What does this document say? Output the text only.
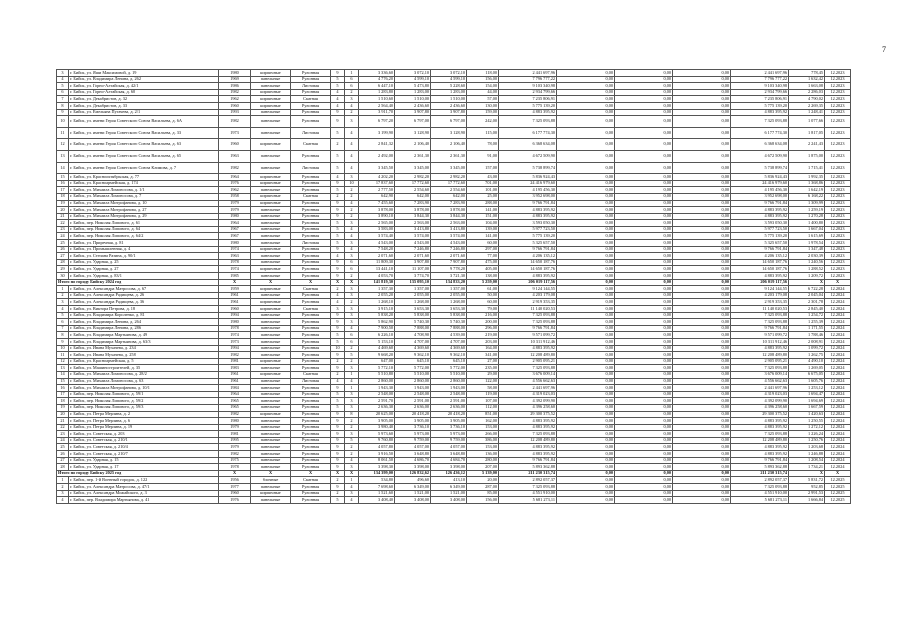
7
3	г. Бийск, ул. Яши Максимовой, д. 19	1980	кирпичные	Рулонная	9	1	3 336,60	3 072,10	3 072,10	118,00	2 441 697,96	0,00	0,00	0,00	2 441 697,96	778,45	12.2023
4	г. Бийск, ул. Владимира Ленина, д. 262	1969	панельные	Рулонная	5	6	4 776,20	4 599,10	4 599,10	156,00	7 796 777,22	0,00	0,00	0,00	7 796 777,22	1 632,42	12.2023
5	г. Бийск, ул. Горно-Алтайская, д. 42/1	1986	панельные	Листовая	5	6	6 447,10	5 473,80	5 228,60	154,00	9 103 340,98	0,00	0,00	0,00	9 103 340,98	1 663,08	12.2023
6	г. Бийск, ул. Горно-Алтайская, д. 60	1982	кирпичные	Рулонная	4	2	1 283,80	1 283,00	1 283,00	44,00	2 934 799,66	0,00	0,00	0,00	2 934 799,66	2 286,03	12.2023
7	г. Бийск, ул. Декабристов, д. 32	1962	кирпичные	Скатная	4	3	1 510,60	1 510,00	1 510,00	57,00	7 235 806,91	0,00	0,00	0,00	7 235 806,91	4 790,02	12.2023
8	г. Бийск, ул. Декабристов, д. 33	1960	кирпичные	Рулонная	4	4	2 564,40	2 436,60	2 436,60	130,00	5 775 139,20	0,00	0,00	0,00	5 775 139,20	2 269,35	12.2023
9	г. Бийск, ул. Емельяна Пугачева, д. 2/1	1993	панельные	Рулонная	9	2	3 911,70	3 907,80	3 907,80	159,00	4 883 395,92	0,00	0,00	0,00	4 883 395,92	1 248,41	12.2023
10	г. Бийск, ул. имени Героя Советского Союза Васильева, д. 6А	1982	панельные	Рулонная	9	3	6 797,20	6 797,00	6 797,00	242,00	7 325 093,88	0,00	0,00	0,00	7 325 093,88	1 077,66	12.2023
11	г. Бийск, ул. имени Героя Советского Союза Васильева, д. 33	1973	панельные	Листовая	5	4	3 199,90	3 128,90	3 128,90	115,00	6 177 774,30	0,00	0,00	0,00	6 177 774,30	1 817,05	12.2023
12	г. Бийск, ул. имени Героя Советского Союза Васильева, д. 63	1960	кирпичные	Скатная	2	4	2 841,32	2 106,40	2 106,40	78,00	6 368 634,08	0,00	0,00	0,00	6 368 634,08	2 241,43	12.2023
13	г. Бийск, ул. имени Героя Советского Союза Васильева, д. 65	1963	панельные	Рулонная	5	4	2 492,00	2 361,30	2 361,30	91,00	4 672 509,90	0,00	0,00	0,00	4 672 509,90	1 875,00	12.2023
14	г. Бийск, ул. имени Героя Советского Союза Климова, д. 7	1982	панельные	Листовая	5	4	3 345,50	3 345,00	3 345,00	157,00	5 738 899,74	0,00	0,00	0,00	5 738 899,74	1 715,41	12.2023
15	г. Бийск, ул. Краснооктябрьская, д. 77	1964	кирпичные	Рулонная	4	3	4 202,20	2 982,20	2 982,20	43,00	5 836 924,43	0,00	0,00	0,00	5 836 924,43	1 992,35	12.2023
16	г. Бийск, ул. Красноармейская, д. 174	1976	кирпичные	Рулонная	9	10	17 837,60	17 772,60	17 772,60	701,00	24 416 979,60	0,00	0,00	0,00	24 416 979,60	1 368,86	12.2023
17	г. Бийск, ул. Михаила Ломоносова, д. 1/1	1962	панельные	Рулонная	5	2	2 777,50	2 554,60	2 554,60	101,00	4 195 456,30	0,00	0,00	0,00	4 195 456,30	1 642,19	12.2023
18	г. Бийск, ул. Михаила Ломоносова, д. 7	1958	кирпичные	Скатная	2	2	642,90	642,00	642,00	25,00	3 952 698,00	0,00	0,00	0,00	3 952 698,00	6 168,22	12.2023
19	г. Бийск, ул. Михаила Митрофанова, д. 10	1979	кирпичные	Рулонная	9	4	7 455,60	7 283,90	7 283,90	288,00	9 766 791,84	0,00	0,00	0,00	9 766 791,84	1 309,99	12.2023
20	г. Бийск, ул. Михаила Митрофанова, д. 27	1979	панельные	Рулонная	9	2	3 878,00	3 878,00	3 878,00	141,00	4 883 395,92	0,00	0,00	0,00	4 883 395,92	1 259,19	12.2023
21	г. Бийск, ул. Михаила Митрофанова, д. 29	1980	панельные	Рулонная	9	2	3 890,10	3 844,30	3 844,30	151,00	4 883 395,92	0,00	0,00	0,00	4 883 395,92	1 270,28	12.2023
22	г. Бийск, пер. Николая Липового, д. 61	1964	панельные	Рулонная	5	3	2 565,00	2 563,00	2 563,00	104,00	3 593 050,30	0,00	0,00	0,00	3 593 050,30	1 400,80	12.2023
23	г. Бийск, пер. Николая Липового, д. 64	1967	панельные	Рулонная	5	4	3 583,00	3 413,80	3 413,80	139,00	5 977 723,50	0,00	0,00	0,00	5 977 723,50	1 667,04	12.2023
24	г. Бийск, пер. Николая Липового, д. 64/2	1967	панельные	Рулонная	5	4	3 574,40	3 574,00	3 574,00	141,00	5 775 139,20	0,00	0,00	0,00	5 775 139,20	1 615,69	12.2023
25	г. Бийск, ул. Приречная, д. 81	1980	панельные	Листовая	5	3	4 543,00	4 543,00	4 543,00	60,00	5 325 657,50	0,00	0,00	0,00	5 325 657,50	1 978,54	12.2023
26	г. Бийск, ул. Промышленная, д. 4	1974	кирпичные	Рулонная	9	4	7 548,20	7 246,80	7 246,80	297,00	9 766 791,84	0,00	0,00	0,00	9 766 791,84	1 347,48	12.2023
27	г. Бийск, ул. Степана Разина, д. 90/1	1963	панельные	Рулонная	4	3	2 071,60	2 071,60	2 071,60	77,00	4 206 135,12	0,00	0,00	0,00	4 206 135,12	2 030,39	12.2023
28	г. Бийск, ул. Ударная, д. 25	1978	панельные	Рулонная	9	6	11 809,30	3 907,80	7 907,80	475,00	14 650 187,76	0,00	0,00	0,00	14 650 187,76	1 240,56	12.2023
29	г. Бийск, ул. Ударная, д. 27	1974	кирпичные	Рулонная	9	6	13 441,10	11 107,00	9 778,20	405,00	14 650 187,76	0,00	0,00	0,00	14 650 187,76	1 288,52	12.2023
30	г. Бийск, ул. Ударная, д. 83/1	1985	панельные	Рулонная	9	2	4 053,70	3 774,70	3 721,30	138,00	4 883 395,92	0,00	0,00	0,00	4 883 395,92	1 209,72	12.2023
Итого по городу Бийску 2024 год		X	X	X	X	X	141 819,30	135 095,10	134 833,20	5 259,00	206 019 117,56	0,00	0,00	0,00	206 019 117,56	X	X
1	г. Бийск, ул. Александра Матросова, д. 67	1959	кирпичные	Скатная	2	3	1 357,30	1 357,00	1 357,00	61,00	9 124 144,55	0,00	0,00	0,00	9 124 144,55	6 722,28	12.2024
2	г. Бийск, ул. Александра Радищева, д. 26	1961	панельные	Рулонная	4	3	2 055,20	2 055,00	2 055,00	50,00	4 203 179,08	0,00	0,00	0,00	4 203 179,08	2 045,04	12.2024
3	г. Бийск, ул. Александра Радищева, д. 36	1961	кирпичные	Рулонная	4	2	1 268,10	1 268,00	1 268,00	60,00	2 919 353,35	0,00	0,00	0,00	2 919 353,35	2 301,78	12.2024
4	г. Бийск, ул. Виктора Петрова, д. 18	1960	кирпичные	Скатная	3	3	3 915,10	3 653,30	3 653,30	79,00	11 140 020,53	0,00	0,00	0,00	11 140 020,53	2 845,40	12.2024
5	г. Бийск, ул. Владимира Короленко, д. 81	1994	панельные	Рулонная	9	3	5 838,20	5 838,00	5 838,00	216,00	7 325 093,88	0,00	0,00	0,00	7 325 093,88	1 254,72	12.2024
6	г. Бийск, ул. Владимира Ленина, д. 264	1980	панельные	Рулонная	9	3	5 862,90	5 740,30	5 740,30	200,00	7 325 093,88	0,00	0,00	0,00	7 325 093,88	1 255,39	12.2024
7	г. Бийск, ул. Владимира Ленина, д. 286	1978	панельные	Рулонная	9	4	7 900,50	7 888,00	7 888,00	296,00	9 766 791,84	0,00	0,00	0,00	9 766 791,84	1 171,55	12.2024
8	г. Бийск, ул. Владимира Мартьянова, д. 49	1974	панельные	Рулонная	5	6	6 226,10	4 708,90	4 539,00	219,00	9 571 099,72	0,00	0,00	0,00	9 571 099,72	1 788,46	12.2024
9	г. Бийск, ул. Владимира Мартьянова, д. 63/3	1973	панельные	Рулонная	5	6	5 153,10	4 707,00	4 707,00	203,00	10 311 912,46	0,00	0,00	0,00	10 311 912,46	2 008,91	12.2024
10	г. Бийск, ул. Ивана Мухачева, д. 234	1994	панельные	Рулонная	10	2	4 469,60	4 369,60	4 369,60	164,00	4 883 395,92	0,00	0,00	0,00	4 883 395,92	1 099,72	12.2024
11	г. Бийск, ул. Ивана Мухачева, д. 258	1982	панельные	Рулонная	9	5	9 668,20	9 362,10	9 362,10	341,00	12 208 489,80	0,00	0,00	0,00	12 208 489,80	1 262,75	12.2024
12	г. Бийск, ул. Красноармейская, д. 5	1981	кирпичные	Рулонная	2	2	647,00	645,10	645,10	27,00	2 905 095,21	0,00	0,00	0,00	2 905 095,21	4 490,10	12.2024
13	г. Бийск, ул. Машиностроителей, д. 35	1983	панельные	Рулонная	9	3	5 772,10	5 772,00	5 772,00	235,00	7 325 093,88	0,00	0,00	0,00	7 325 093,88	1 269,05	12.2024
14	г. Бийск, ул. Михаила Ломоносова, д. 28/2	1961	кирпичные	Скатная	2	1	5 510,80	5 510,00	5 510,00	29,00	3 676 009,14	0,00	0,00	0,00	3 676 009,14	6 675,05	12.2024
15	г. Бийск, ул. Михаила Ломоносова, д. 63	1961	панельные	Листовая	4	4	2 860,00	2 860,00	2 860,00	122,00	4 556 662,63	0,00	0,00	0,00	4 556 662,63	1 605,76	12.2024
16	г. Бийск, ул. Михаила Митрофанова, д. 10/1	1984	панельные	Рулонная	9	1	1 943,30	1 943,00	1 943,00	58,00	2 441 697,96	0,00	0,00	0,00	2 441 697,96	1 253,12	12.2024
17	г. Бийск, пер. Николая Липового, д. 59/1	1964	панельные	Рулонная	5	3	2 548,00	2 548,00	2 548,00	119,00	4 319 023,03	0,00	0,00	0,00	4 319 023,03	1 694,47	12.2024
18	г. Бийск, пер. Николая Липового, д. 59/2	1965	панельные	Рулонная	5	3	2 591,70	2 591,00	2 591,00	107,00	4 392 099,90	0,00	0,00	0,00	4 392 099,90	1 694,69	12.2024
19	г. Бийск, пер. Николая Липового, д. 59/3	1965	панельные	Рулонная	5	3	2 636,30	2 636,00	2 636,00	112,00	4 396 258,60	0,00	0,00	0,00	4 396 258,60	1 667,59	12.2024
20	г. Бийск, ул. Петра Мерлина, д. 2	1982	кирпичные	Рулонная	9	8	20 625,00	20 418,20	20 418,20	851,00	29 300 375,52	0,00	0,00	0,00	29 300 375,52	1 420,63	12.2024
21	г. Бийск, ул. Петра Мерлина, д. 6	1980	панельные	Рулонная	9	2	3 905,00	3 905,00	3 905,00	162,00	4 883 395,92	0,00	0,00	0,00	4 883 395,92	1 250,55	12.2024
22	г. Бийск, ул. Петра Мерлина, д. 19	1979	панельные	Рулонная	9	2	3 980,40	3 736,10	3 736,10	153,00	4 883 395,92	0,00	0,00	0,00	4 883 395,92	1 272,12	12.2024
23	г. Бийск, ул. Советская, д. 203	1981	панельные	Рулонная	9	3	5 973,60	5 973,00	5 973,00	266,00	7 325 093,88	0,00	0,00	0,00	7 325 093,88	1 226,24	12.2024
24	г. Бийск, ул. Советская, д. 210/1	1995	панельные	Рулонная	9	5	9 760,80	9 759,00	9 759,00	386,00	12 208 489,80	0,00	0,00	0,00	12 208 489,80	1 250,76	12.2024
25	г. Бийск, ул. Советская, д. 210/4	1979	панельные	Рулонная	9	2	4 057,80	4 057,00	4 057,00	153,00	4 883 395,92	0,00	0,00	0,00	4 883 395,92	1 203,68	12.2024
26	г. Бийск, ул. Советская, д. 210/7	1982	панельные	Рулонная	9	2	3 916,50	3 648,80	3 648,80	136,00	4 883 395,92	0,00	0,00	0,00	4 883 395,92	1 246,88	12.2024
27	г. Бийск, ул. Ударная, д. 15	1975	панельные	Рулонная	9	4	8 061,50	4 686,70	4 684,70	280,00	9 766 791,84	0,00	0,00	0,00	9 766 791,84	1 208,54	12.2024
28	г. Бийск, ул. Ударная, д. 17	1978	панельные	Рулонная	9	3	3 398,30	3 398,00	3 398,00	207,00	5 893 362,88	0,00	0,00	0,00	5 893 362,88	1 734,21	12.2024
Итого по городу Бийску 2025 год		X	X	X	X	X	134 399,00	126 832,62	126 436,12	5 139,00	211 230 315,74	0,00	0,00	0,00	211 230 315,74	X	X
1	г. Бийск, пер. 1-й Военный городок, д. 122	1956	блочные	Скатная	2	1	534,80	496,60	413,10	20,00	2 892 057,37	0,00	0,00	0,00	2 892 057,37	5 831,72	12.2025
2	г. Бийск, ул. Александра Матросова, д. 47/1	1977	панельные	Рулонная	9	4	7 698,60	6 349,00	6 349,00	287,00	7 325 093,88	0,00	0,00	0,00	7 325 093,88	952,85	12.2025
3	г. Бийск, ул. Александра Можайского, д. 3	1960	кирпичные	Рулонная	2	3	1 521,60	1 521,00	1 521,00	85,00	4 551 910,00	0,00	0,00	0,00	4 551 910,00	2 991,53	12.2025
4	г. Бийск, пер. Владимира Мартьянова, д. 41	1976	панельные	Рулонная	5	4	3 408,40	3 408,00	3 408,00	156,00	5 681 273,11	0,00	0,00	0,00	5 681 273,11	1 666,84	12.2025
